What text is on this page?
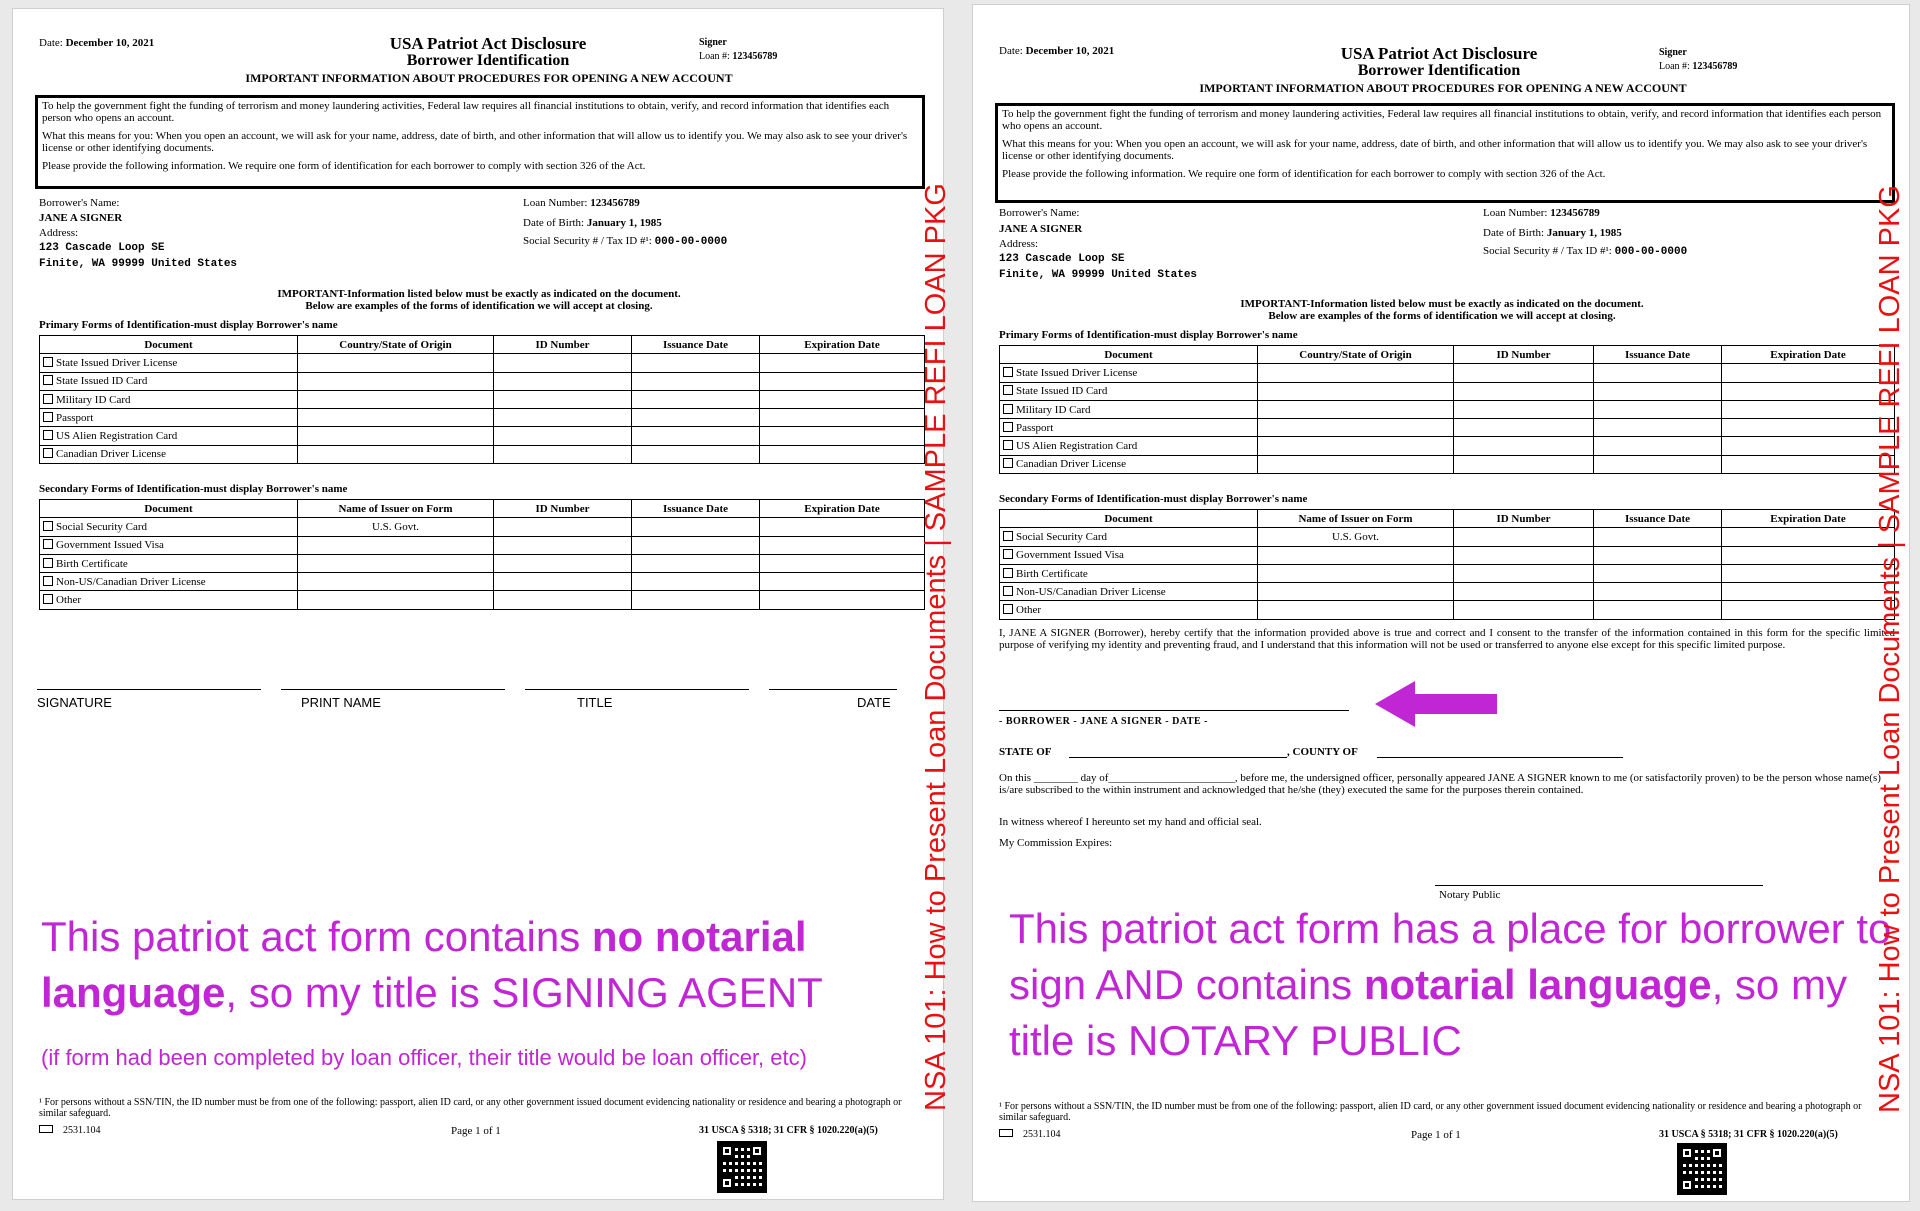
Date: December 10, 2021	USA Patriot Act Disclosure
Borrower Identification
Signer
Loan #: 123456789
IMPORTANT INFORMATION ABOUT PROCEDURES FOR OPENING A NEW ACCOUNT

To help the government fight the funding of terrorism and money laundering activities, Federal law requires all financial institutions to obtain, verify, and record information that identifies each person who opens an account.

What this means for you: When you open an account, we will ask for your name, address, date of birth, and other information that will allow us to identify you. We may also ask to see your driver's license or other identifying documents.

Please provide the following information. We require one form of identification for each borrower to comply with section 326 of the Act.

Borrower's Name:
JANE A SIGNER
Address:
123 Cascade Loop SE
Finite, WA 99999 United States
Loan Number: 123456789
Date of Birth: January 1, 1985
Social Security # / Tax ID #¹: 000-00-0000
IMPORTANT-Information listed below must be exactly as indicated on the document.
Below are examples of the forms of identification we will accept at closing.
Primary Forms of Identification-must display Borrower's name
Document	Country/State of Origin	ID Number	Issuance Date	Expiration Date
State Issued Driver License				
State Issued ID Card				
Military ID Card				
Passport				
US Alien Registration Card				
Canadian Driver License				
Secondary Forms of Identification-must display Borrower's name
Document	Name of Issuer on Form	ID Number	Issuance Date	Expiration Date
Social Security Card	U.S. Govt.			
Government Issued Visa				
Birth Certificate				
Non-US/Canadian Driver License				
Other				
SIGNATURE	PRINT NAME	TITLE	DATE
This patriot act form contains no notarial
language, so my title is SIGNING AGENT
(if form had been completed by loan officer, their title would be loan officer, etc)
¹ For persons without a SSN/TIN, the ID number must be from one of the following: passport, alien ID card, or any other government issued document evidencing nationality or residence and bearing a photograph or similar safeguard.
2531.104	Page 1 of 1	31 USCA § 5318; 31 CFR § 1020.220(a)(5)
NSA 101: How to Present Loan Documents | SAMPLE REFI LOAN PKG
Date: December 10, 2021	USA Patriot Act Disclosure
Borrower Identification
Signer
Loan #: 123456789
IMPORTANT INFORMATION ABOUT PROCEDURES FOR OPENING A NEW ACCOUNT

To help the government fight the funding of terrorism and money laundering activities, Federal law requires all financial institutions to obtain, verify, and record information that identifies each person who opens an account.

What this means for you: When you open an account, we will ask for your name, address, date of birth, and other information that will allow us to identify you. We may also ask to see your driver's license or other identifying documents.

Please provide the following information. We require one form of identification for each borrower to comply with section 326 of the Act.

Borrower's Name:
JANE A SIGNER
Address:
123 Cascade Loop SE
Finite, WA 99999 United States
Loan Number: 123456789
Date of Birth: January 1, 1985
Social Security # / Tax ID #¹: 000-00-0000
IMPORTANT-Information listed below must be exactly as indicated on the document.
Below are examples of the forms of identification we will accept at closing.
Primary Forms of Identification-must display Borrower's name
Document	Country/State of Origin	ID Number	Issuance Date	Expiration Date
State Issued Driver License				
State Issued ID Card				
Military ID Card				
Passport				
US Alien Registration Card				
Canadian Driver License				
Secondary Forms of Identification-must display Borrower's name
Document	Name of Issuer on Form	ID Number	Issuance Date	Expiration Date
Social Security Card	U.S. Govt.			
Government Issued Visa				
Birth Certificate				
Non-US/Canadian Driver License				
Other				
I, JANE A SIGNER (Borrower), hereby certify that the information provided above is true and correct and I consent to the transfer of the information contained in this form for the specific limited purpose of verifying my identity and preventing fraud, and I understand that this information will not be used or transferred to anyone else except for this specific limited purpose.
- BORROWER - JANE A SIGNER - DATE -
STATE OF	, COUNTY OF
On this ________ day of_______________________, before me, the undersigned officer, personally appeared JANE A SIGNER known to me (or satisfactorily proven) to be the person whose name(s) is/are subscribed to the within instrument and acknowledged that he/she (they) executed the same for the purposes therein contained.
In witness whereof I hereunto set my hand and official seal.
My Commission Expires:
Notary Public
This patriot act form has a place for borrower to
sign AND contains notarial language, so my
title is NOTARY PUBLIC
¹ For persons without a SSN/TIN, the ID number must be from one of the following: passport, alien ID card, or any other government issued document evidencing nationality or residence and bearing a photograph or similar safeguard.
2531.104	Page 1 of 1	31 USCA § 5318; 31 CFR § 1020.220(a)(5)
NSA 101: How to Present Loan Documents | SAMPLE REFI LOAN PKG
